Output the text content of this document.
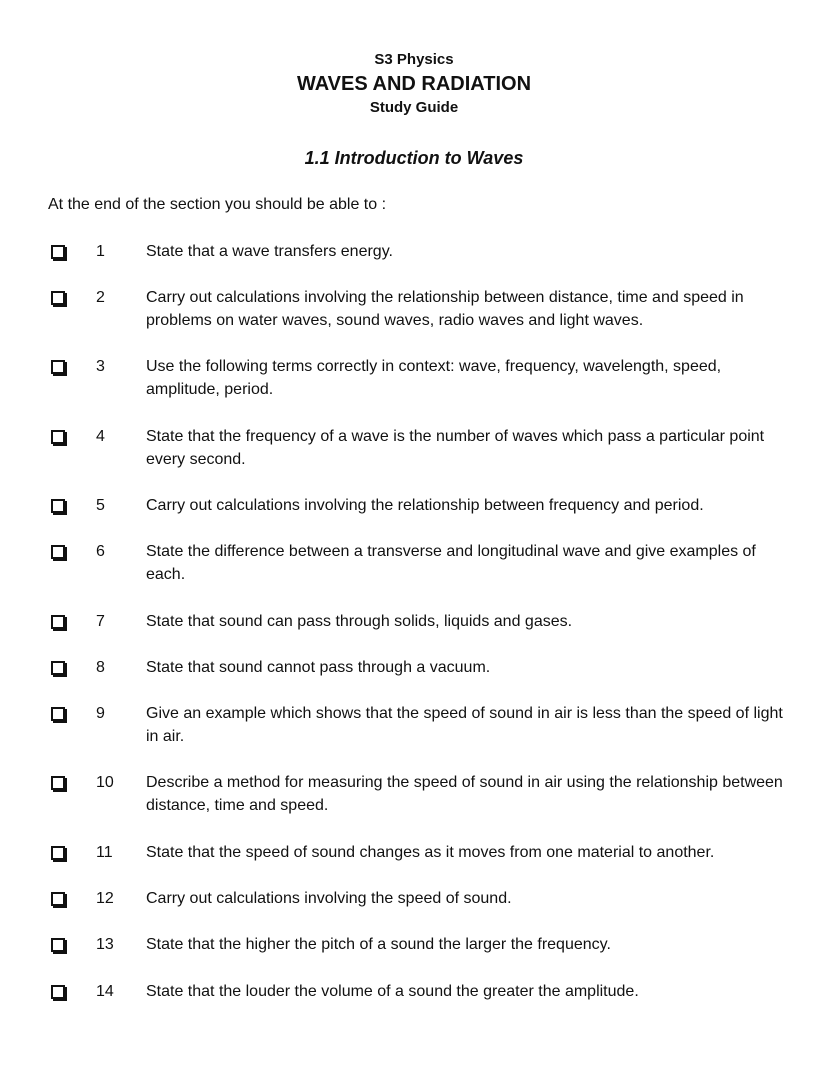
S3 Physics
WAVES AND RADIATION
Study Guide
1.1 Introduction to Waves
At the end of the section you should be able to :
1	State that a wave transfers energy.
2	Carry out calculations involving the relationship between distance, time and speed in problems on water waves, sound waves, radio waves and light waves.
3	Use the following terms correctly in context: wave, frequency, wavelength, speed, amplitude, period.
4	State that the frequency of a wave is the number of waves which pass a particular point every second.
5	Carry out calculations involving the relationship between frequency and period.
6	State the difference between a transverse and longitudinal wave and give examples of each.
7	State that sound can pass through solids, liquids and gases.
8	State that sound cannot pass through a vacuum.
9	Give an example which shows that the speed of sound in air is less than the speed of light in air.
10	Describe a method for measuring the speed of sound in air using the relationship between distance, time and speed.
11	State that the speed of sound changes as it moves from one material to another.
12	Carry out calculations involving the speed of sound.
13	State that the higher the pitch of a sound the larger the frequency.
14	State that the louder the volume of a sound the greater the amplitude.
